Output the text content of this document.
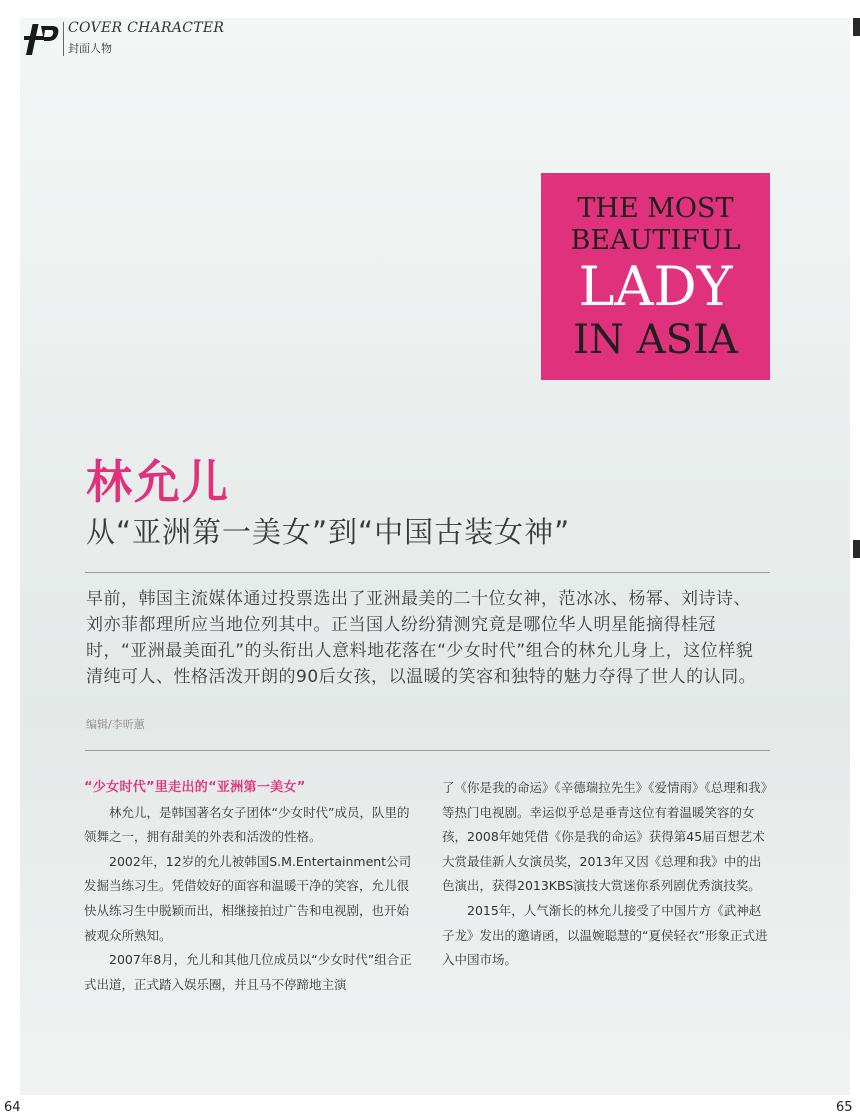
COVER CHARACTER
封面人物
THE MOST
BEAUTIFUL
LADY
IN ASIA
林允儿
从“亚洲第一美女”到“中国古装女神”
早前，韩国主流媒体通过投票选出了亚洲最美的二十位女神，范冰冰、杨幂、刘诗诗、刘亦菲都理所应当地位列其中。正当国人纷纷猜测究竟是哪位华人明星能摘得桂冠时，“亚洲最美面孔”的头衔出人意料地花落在“少女时代”组合的林允儿身上，这位样貌清纯可人、性格活泼开朗的90后女孩，以温暖的笑容和独特的魅力夺得了世人的认同。
编辑/李昕蕙
“少女时代”里走出的“亚洲第一美女”

林允儿，是韩国著名女子团体“少女时代”成员，队里的领舞之一，拥有甜美的外表和活泼的性格。

2002年，12岁的允儿被韩国S.M.Entertainment公司发掘当练习生。凭借姣好的面容和温暖干净的笑容，允儿很快从练习生中脱颖而出，相继接拍过广告和电视剧，也开始被观众所熟知。

2007年8月，允儿和其他几位成员以“少女时代”组合正式出道，正式踏入娱乐圈，并且马不停蹄地主演

了《你是我的命运》《辛德瑞拉先生》《爱情雨》《总理和我》等热门电视剧。幸运似乎总是垂青这位有着温暖笑容的女孩，2008年她凭借《你是我的命运》获得第45届百想艺术大赏最佳新人女演员奖，2013年又因《总理和我》中的出色演出，获得2013KBS演技大赏迷你系列剧优秀演技奖。

2015年，人气渐长的林允儿接受了中国片方《武神赵子龙》发出的邀请函，以温婉聪慧的“夏侯轻衣”形象正式进入中国市场。

64	65
